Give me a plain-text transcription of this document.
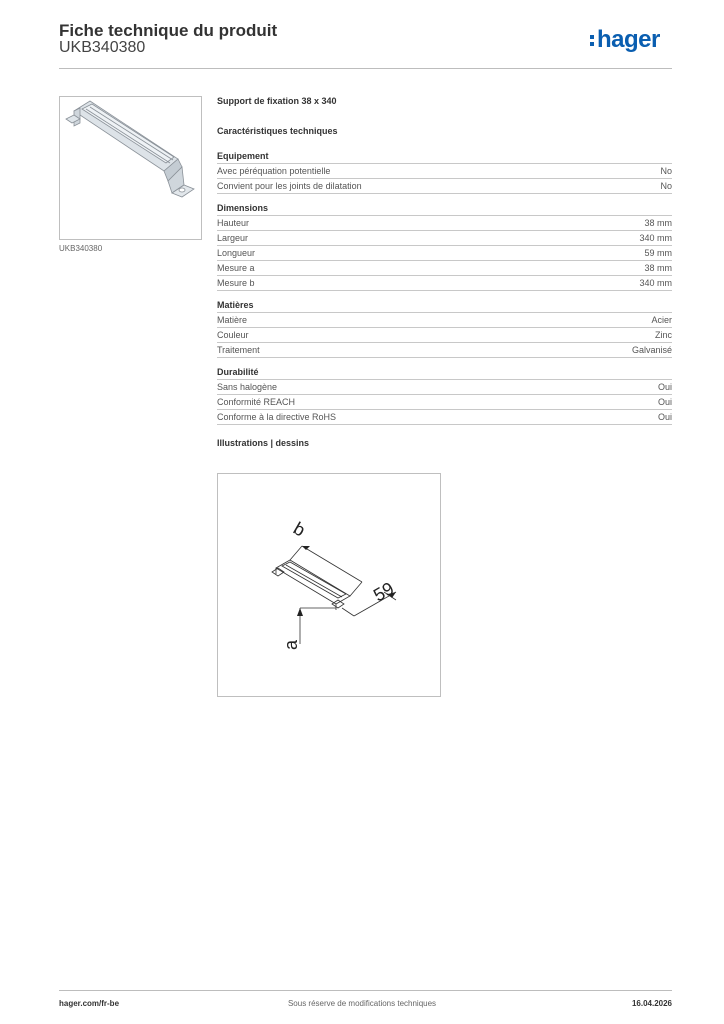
Fiche technique du produit
UKB340380	hager
UKB340380
Support de fixation 38 x 340
Caractéristiques techniques
Equipement
Avec péréquation potentielle	No
Convient pour les joints de dilatation	No
Dimensions
Hauteur	38 mm
Largeur	340 mm
Longueur	59 mm
Mesure a	38 mm
Mesure b	340 mm
Matières
Matière	Acier
Couleur	Zinc
Traitement	Galvanisé
Durabilité
Sans halogène	Oui
Conformité REACH	Oui
Conforme à la directive RoHS	Oui
Illustrations | dessins
b
59
a
Sous réserve de modifications techniques
hager.com/fr-be	16.04.2026
